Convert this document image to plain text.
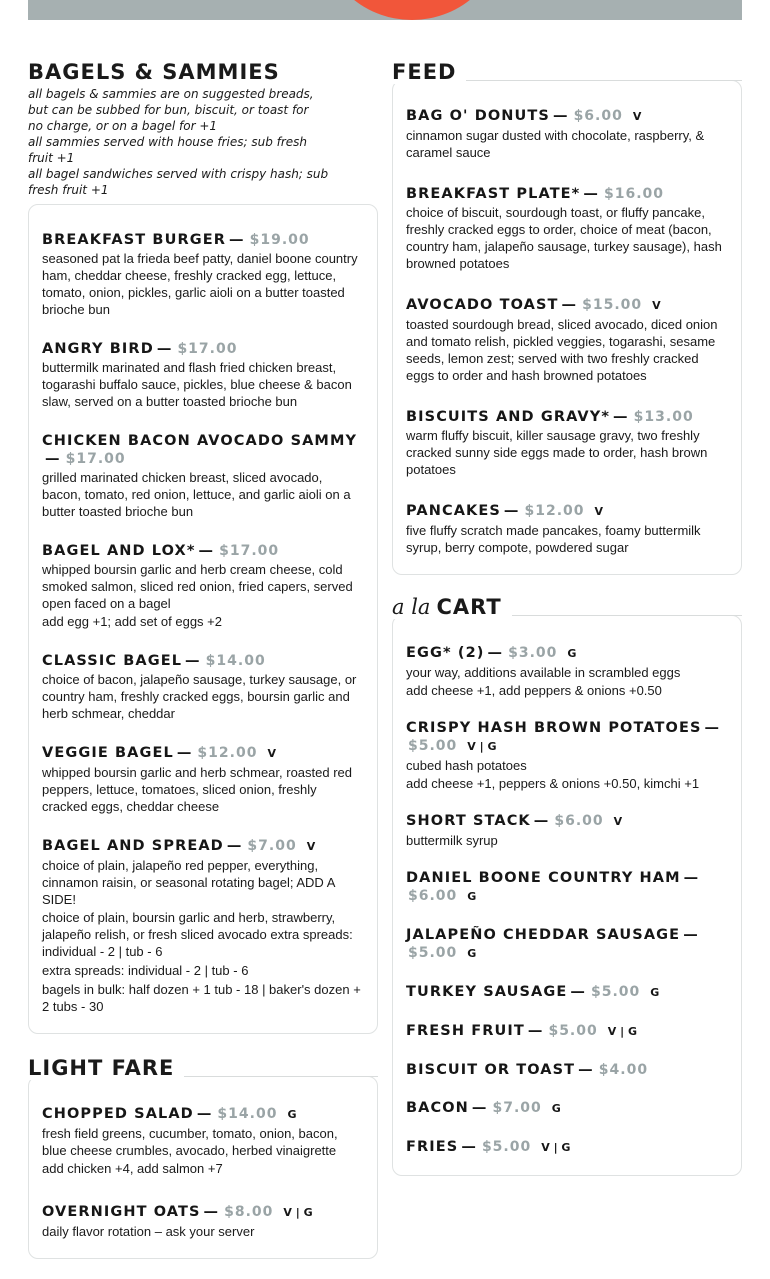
BAGELS & SAMMIES
all bagels & sammies are on suggested breads,
but can be subbed for bun, biscuit, or toast for
no charge, or on a bagel for +1
all sammies served with house fries; sub fresh
fruit +1
all bagel sandwiches served with crispy hash; sub
fresh fruit +1
BREAKFAST BURGER — $19.00
seasoned pat la frieda beef patty, daniel boone country ham, cheddar cheese, freshly cracked egg, lettuce, tomato, onion, pickles, garlic aioli on a butter toasted brioche bun
ANGRY BIRD — $17.00
buttermilk marinated and flash fried chicken breast, togarashi buffalo sauce, pickles, blue cheese & bacon slaw, served on a butter toasted brioche bun
CHICKEN BACON AVOCADO SAMMY— $17.00
grilled marinated chicken breast, sliced avocado, bacon, tomato, red onion, lettuce, and garlic aioli on a butter toasted brioche bun
BAGEL AND LOX* — $17.00
whipped boursin garlic and herb cream cheese, cold smoked salmon, sliced red onion, fried capers, served open faced on a bagel
add egg +1; add set of eggs +2
CLASSIC BAGEL — $14.00
choice of bacon, jalapeño sausage, turkey sausage, or country ham, freshly cracked eggs, boursin garlic and herb schmear, cheddar
VEGGIE BAGEL — $12.00 V
whipped boursin garlic and herb schmear, roasted red peppers, lettuce, tomatoes, sliced onion, freshly cracked eggs, cheddar cheese
BAGEL AND SPREAD — $7.00 V
choice of plain, jalapeño red pepper, everything, cinnamon raisin, or seasonal rotating bagel; ADD A SIDE!
choice of plain, boursin garlic and herb, strawberry, jalapeño relish, or fresh sliced avocado extra spreads: individual - 2 | tub - 6
extra spreads: individual - 2 | tub - 6
bagels in bulk: half dozen + 1 tub - 18 | baker's dozen + 2 tubs - 30
LIGHT FARE
CHOPPED SALAD — $14.00 G
fresh field greens, cucumber, tomato, onion, bacon, blue cheese crumbles, avocado, herbed vinaigrette
add chicken +4, add salmon +7
OVERNIGHT OATS — $8.00 V | G
daily flavor rotation – ask your server
FEED
BAG O' DONUTS — $6.00 V
cinnamon sugar dusted with chocolate, raspberry, & caramel sauce
BREAKFAST PLATE* — $16.00
choice of biscuit, sourdough toast, or fluffy pancake, freshly cracked eggs to order, choice of meat (bacon, country ham, jalapeño sausage, turkey sausage), hash browned potatoes
AVOCADO TOAST — $15.00 V
toasted sourdough bread, sliced avocado, diced onion and tomato relish, pickled veggies, togarashi, sesame seeds, lemon zest; served with two freshly cracked eggs to order and hash browned potatoes
BISCUITS AND GRAVY* — $13.00
warm fluffy biscuit, killer sausage gravy, two freshly cracked sunny side eggs made to order, hash brown potatoes
PANCAKES — $12.00 V
five fluffy scratch made pancakes, foamy buttermilk syrup, berry compote, powdered sugar
a la CART
EGG* (2) — $3.00 G
your way, additions available in scrambled eggs
add cheese +1, add peppers & onions +0.50
CRISPY HASH BROWN POTATOES —$5.00 V | G
cubed hash potatoes
add cheese +1, peppers & onions +0.50, kimchi +1
SHORT STACK — $6.00 V
buttermilk syrup
DANIEL BOONE COUNTRY HAM —$6.00 G
JALAPEÑO CHEDDAR SAUSAGE —$5.00 G
TURKEY SAUSAGE — $5.00 G
FRESH FRUIT — $5.00 V | G
BISCUIT OR TOAST — $4.00
BACON — $7.00 G
FRIES — $5.00 V | G
